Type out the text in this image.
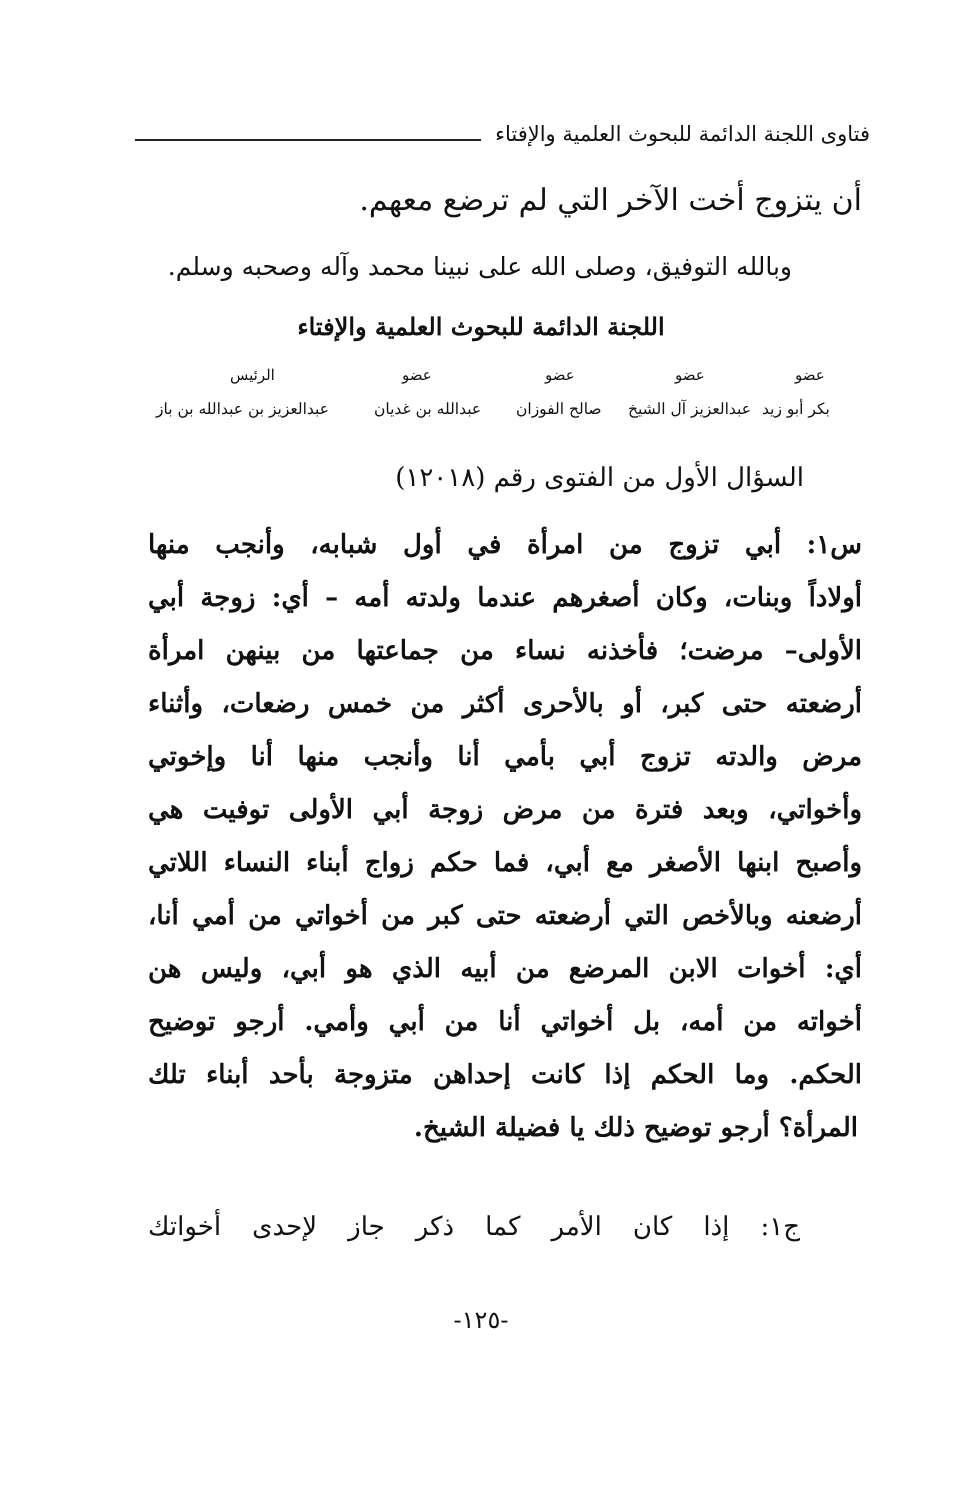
فتاوى اللجنة الدائمة للبحوث العلمية والإفتاء
أن يتزوج أخت الآخر التي لم ترضع معهم.
وبالله التوفيق، وصلى الله على نبينا محمد وآله وصحبه وسلم.
اللجنة الدائمة للبحوث العلمية والإفتاء
عضو
عضو
عضو
عضو
الرئيس
بكر أبو زيد
عبدالعزيز آل الشيخ
صالح الفوزان
عبدالله بن غديان
عبدالعزيز بن عبدالله بن باز
السؤال الأول من الفتوى رقم (١٢٠١٨)
س١: أبي تزوج من امرأة في أول شبابه، وأنجب منها
أولاداً وبنات، وكان أصغرهم عندما ولدته أمه – أي: زوجة أبي
الأولى– مرضت؛ فأخذنه نساء من جماعتها من بينهن امرأة
أرضعته حتى كبر، أو بالأحرى أكثر من خمس رضعات، وأثناء
مرض والدته تزوج أبي بأمي أنا وأنجب منها أنا وإخوتي
وأخواتي، وبعد فترة من مرض زوجة أبي الأولى توفيت هي
وأصبح ابنها الأصغر مع أبي، فما حكم زواج أبناء النساء اللاتي
أرضعنه وبالأخص التي أرضعته حتى كبر من أخواتي من أمي أنا،
أي: أخوات الابن المرضع من أبيه الذي هو أبي، وليس هن
أخواته من أمه، بل أخواتي أنا من أبي وأمي. أرجو توضيح
الحكم. وما الحكم إذا كانت إحداهن متزوجة بأحد أبناء تلك
المرأة؟ أرجو توضيح ذلك يا فضيلة الشيخ.
ج١: إذا كان الأمر كما ذكر جاز لإحدى أخواتك
-١٢٥-
